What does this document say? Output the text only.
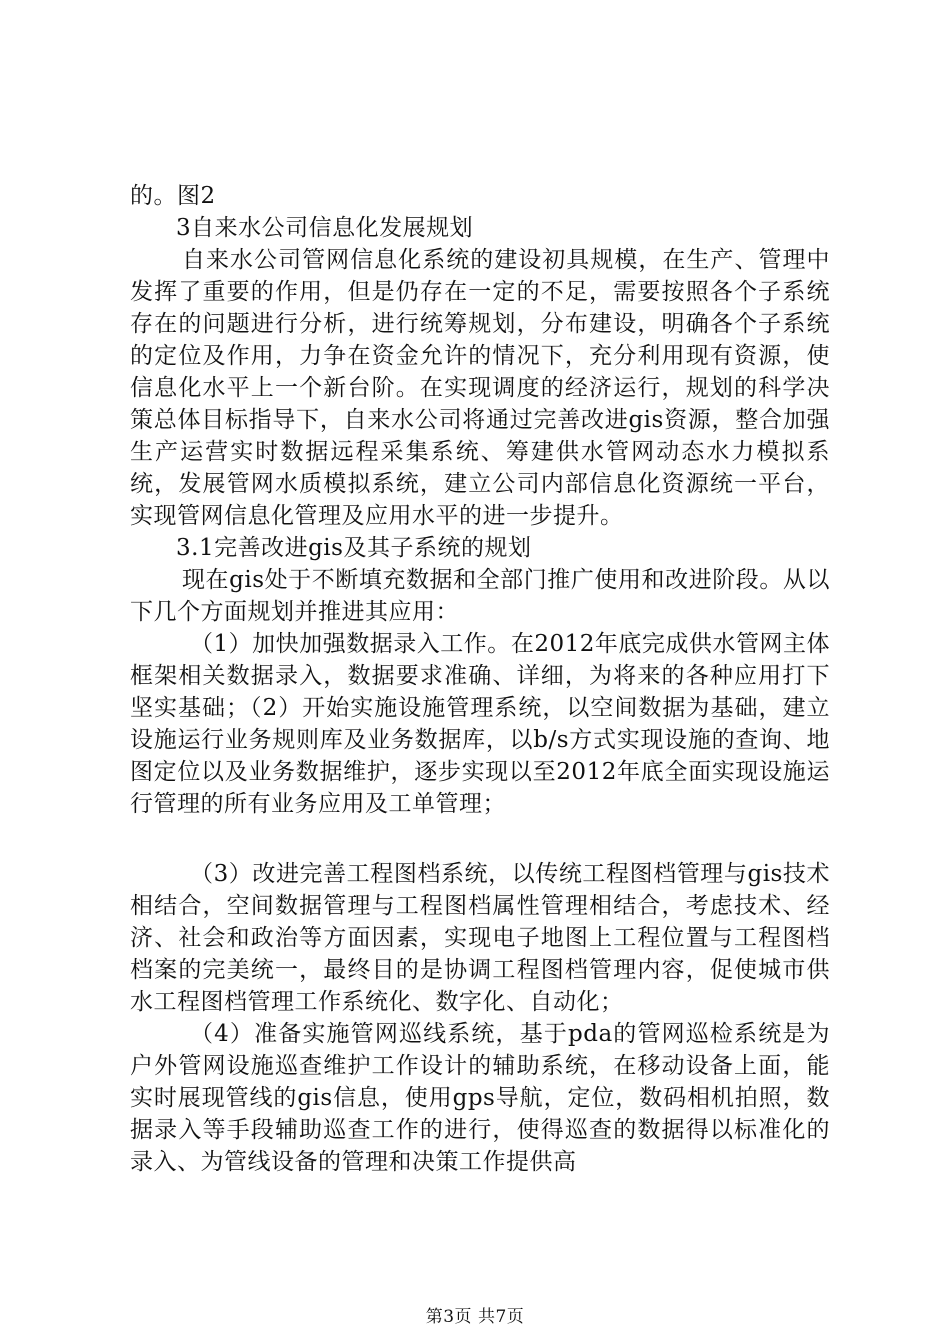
的。图2

3自来水公司信息化发展规划

自来水公司管网信息化系统的建设初具规模，在生产、管理中发挥了重要的作用，但是仍存在一定的不足，需要按照各个子系统存在的问题进行分析，进行统筹规划，分布建设，明确各个子系统的定位及作用，力争在资金允许的情况下，充分利用现有资源，使信息化水平上一个新台阶。在实现调度的经济运行，规划的科学决策总体目标指导下，自来水公司将通过完善改进gis资源，整合加强生产运营实时数据远程采集系统、筹建供水管网动态水力模拟系统，发展管网水质模拟系统，建立公司内部信息化资源统一平台，实现管网信息化管理及应用水平的进一步提升。

3.1完善改进gis及其子系统的规划

现在gis处于不断填充数据和全部门推广使用和改进阶段。从以下几个方面规划并推进其应用：

（1）加快加强数据录入工作。在2012年底完成供水管网主体框架相关数据录入，数据要求准确、详细，为将来的各种应用打下坚实基础；（2）开始实施设施管理系统，以空间数据为基础，建立设施运行业务规则库及业务数据库，以b/s方式实现设施的查询、地图定位以及业务数据维护，逐步实现以至2012年底全面实现设施运行管理的所有业务应用及工单管理；

（3）改进完善工程图档系统，以传统工程图档管理与gis技术相结合，空间数据管理与工程图档属性管理相结合，考虑技术、经济、社会和政治等方面因素，实现电子地图上工程位置与工程图档档案的完美统一，最终目的是协调工程图档管理内容，促使城市供水工程图档管理工作系统化、数字化、自动化；

（4）准备实施管网巡线系统，基于pda的管网巡检系统是为户外管网设施巡查维护工作设计的辅助系统，在移动设备上面，能实时展现管线的gis信息，使用gps导航，定位，数码相机拍照，数据录入等手段辅助巡查工作的进行，使得巡查的数据得以标准化的录入、为管线设备的管理和决策工作提供高

第3页 共7页
